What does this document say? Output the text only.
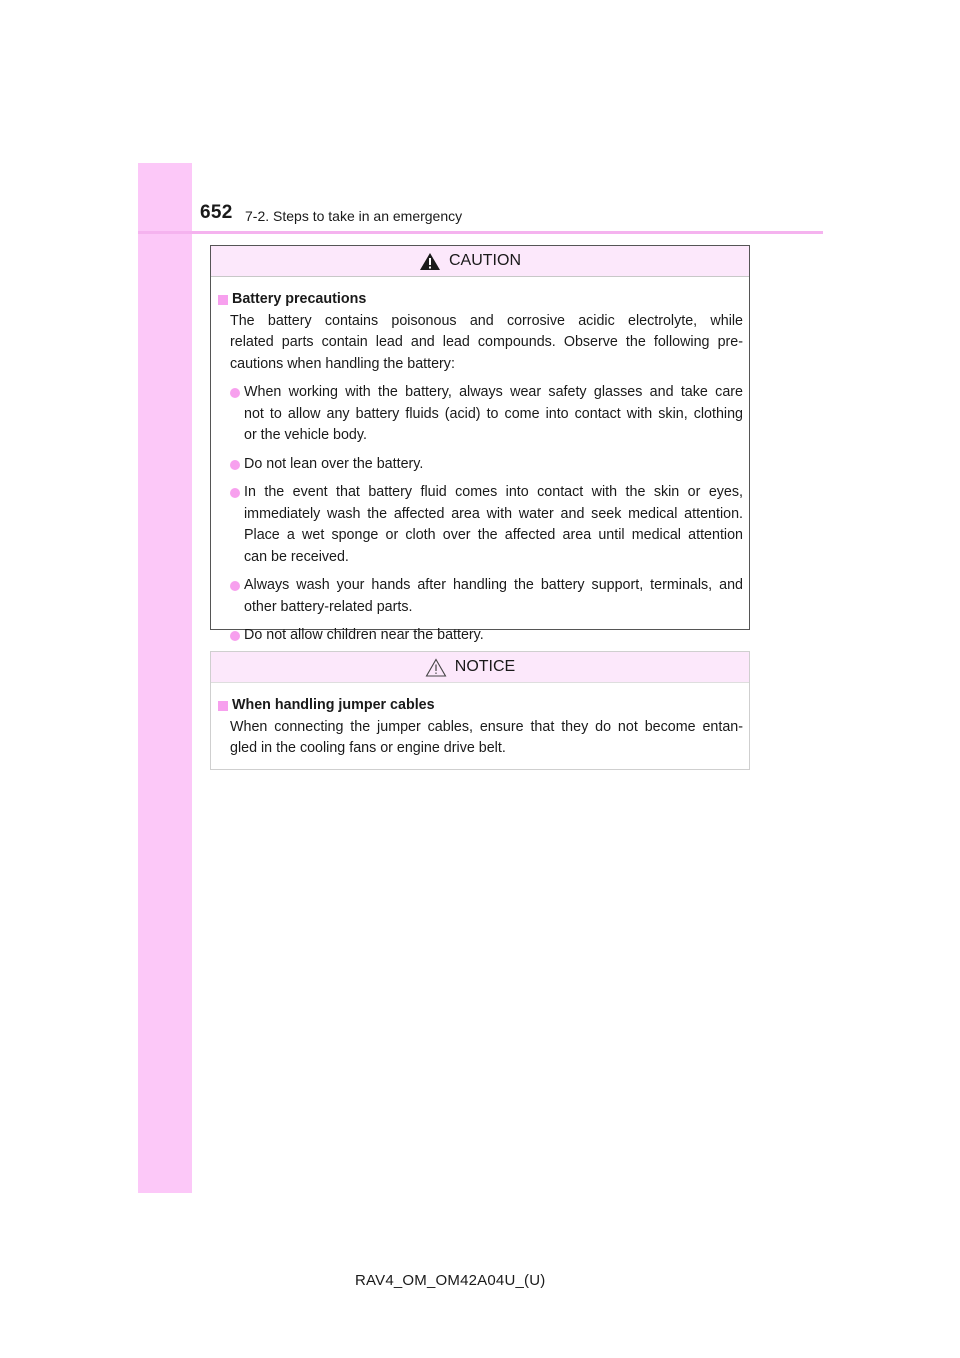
652 7-2. Steps to take in an emergency
CAUTION
Battery precautions
The battery contains poisonous and corrosive acidic electrolyte, while
related parts contain lead and lead compounds. Observe the following pre-
cautions when handling the battery:
When working with the battery, always wear safety glasses and take care
not to allow any battery fluids (acid) to come into contact with skin, clothing
or the vehicle body.
Do not lean over the battery.
In the event that battery fluid comes into contact with the skin or eyes,
immediately wash the affected area with water and seek medical attention.
Place a wet sponge or cloth over the affected area until medical attention
can be received.
Always wash your hands after handling the battery support, terminals, and
other battery-related parts.
Do not allow children near the battery.
NOTICE
When handling jumper cables
When connecting the jumper cables, ensure that they do not become entan-
gled in the cooling fans or engine drive belt.
RAV4_OM_OM42A04U_(U)
